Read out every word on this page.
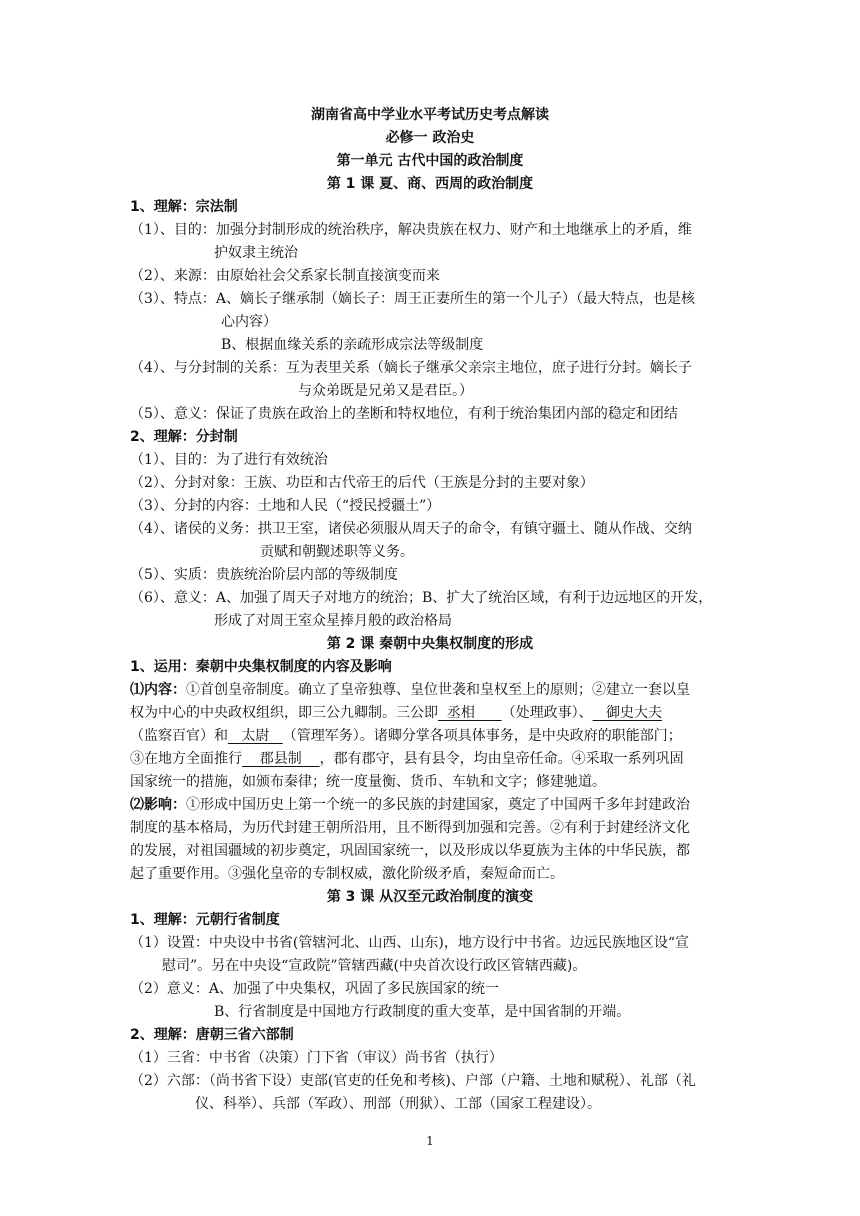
湖南省高中学业水平考试历史考点解读
必修一 政治史
第一单元 古代中国的政治制度
第 1 课 夏、商、西周的政治制度
1、理解：宗法制
（1）、目的：加强分封制形成的统治秩序，解决贵族在权力、财产和土地继承上的矛盾，维
护奴隶主统治
（2）、来源：由原始社会父系家长制直接演变而来
（3）、特点：A、嫡长子继承制（嫡长子：周王正妻所生的第一个儿子）（最大特点，也是核
心内容）
B、根据血缘关系的亲疏形成宗法等级制度
（4）、与分封制的关系：互为表里关系（嫡长子继承父亲宗主地位，庶子进行分封。嫡长子
与众弟既是兄弟又是君臣。）
（5）、意义：保证了贵族在政治上的垄断和特权地位，有利于统治集团内部的稳定和团结
2、理解：分封制
（1）、目的：为了进行有效统治
（2）、分封对象：王族、功臣和古代帝王的后代（王族是分封的主要对象）
（3）、分封的内容：土地和人民（“授民授疆土”）
（4）、诸侯的义务：拱卫王室，诸侯必须服从周天子的命令，有镇守疆土、随从作战、交纳
贡赋和朝觐述职等义务。
（5）、实质：贵族统治阶层内部的等级制度
（6）、意义：A、加强了周天子对地方的统治；B、扩大了统治区域，有利于边远地区的开发，
形成了对周王室众星捧月般的政治格局
第 2 课 秦朝中央集权制度的形成
1、运用：秦朝中央集权制度的内容及影响
⑴内容：①首创皇帝制度。确立了皇帝独尊、皇位世袭和皇权至上的原则；②建立一套以皇
权为中心的中央政权组织，即三公九卿制。三公即  丞相      （处理政事）、   御史大夫
（监察百官）和   太尉   （管理军务）。诸卿分掌各项具体事务，是中央政府的职能部门；
③在地方全面推行    郡县制    ，郡有郡守，县有县令，均由皇帝任命。④采取一系列巩固
国家统一的措施，如颁布秦律；统一度量衡、货币、车轨和文字；修建驰道。
⑵影响：①形成中国历史上第一个统一的多民族的封建国家，奠定了中国两千多年封建政治
制度的基本格局，为历代封建王朝所沿用，且不断得到加强和完善。②有利于封建经济文化
的发展，对祖国疆域的初步奠定，巩固国家统一，以及形成以华夏族为主体的中华民族，都
起了重要作用。③强化皇帝的专制权威，激化阶级矛盾，秦短命而亡。
第 3 课 从汉至元政治制度的演变
1、理解：元朝行省制度
（1）设置：中央设中书省(管辖河北、山西、山东)，地方设行中书省。边远民族地区设“宣
慰司”。另在中央设“宣政院”管辖西藏(中央首次设行政区管辖西藏)。
（2）意义：A、加强了中央集权，巩固了多民族国家的统一
B、行省制度是中国地方行政制度的重大变革，是中国省制的开端。
2、理解：唐朝三省六部制
（1）三省：中书省（决策）门下省（审议）尚书省（执行）
（2）六部：（尚书省下设）吏部(官吏的任免和考核)、户部（户籍、土地和赋税）、礼部（礼
仪、科举）、兵部（军政）、刑部（刑狱）、工部（国家工程建设）。
1
